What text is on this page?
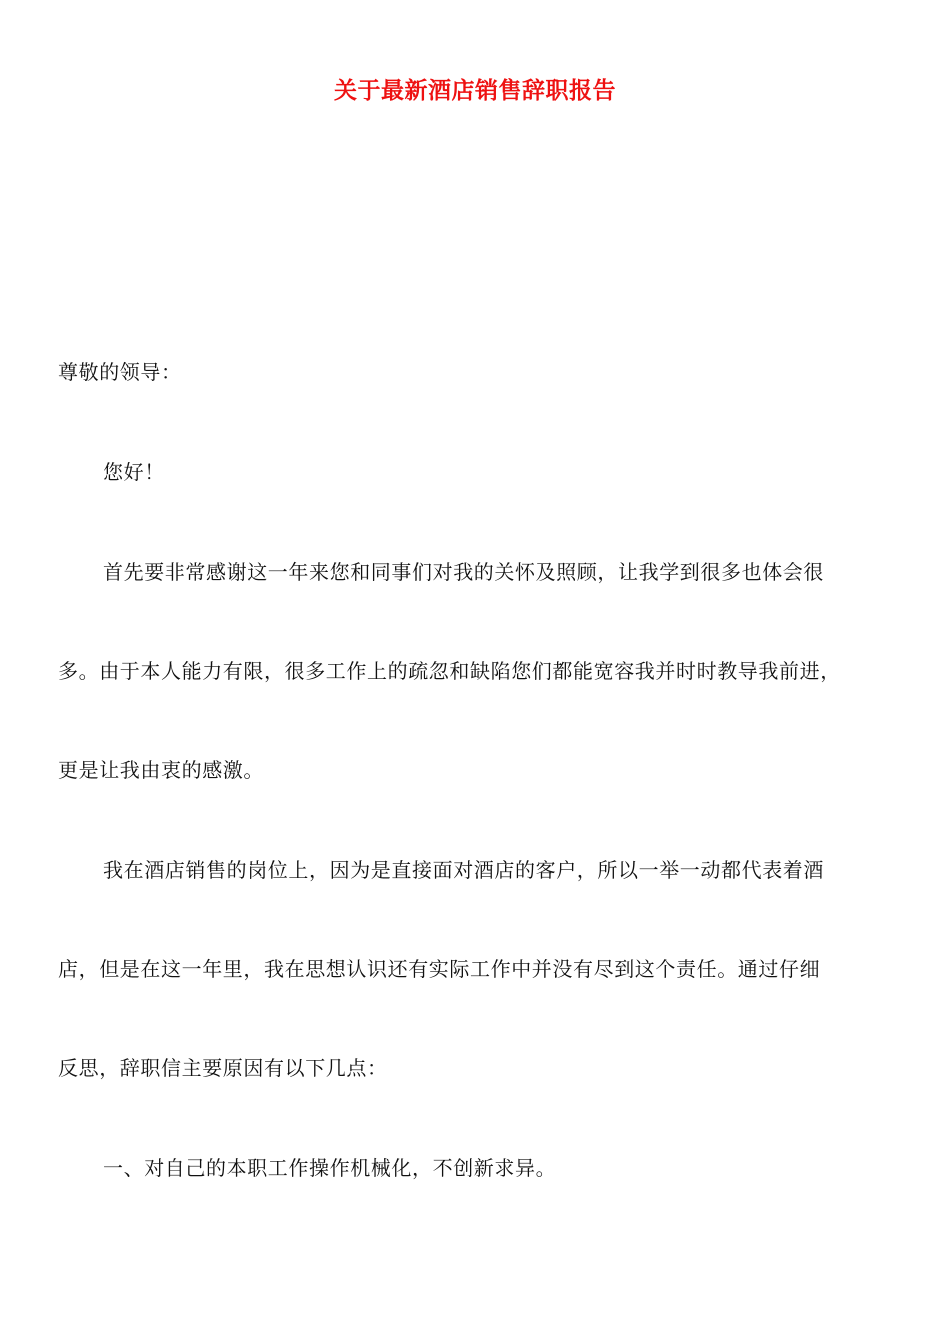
关于最新酒店销售辞职报告

尊敬的领导：

您好！

首先要非常感谢这一年来您和同事们对我的关怀及照顾，让我学到很多也体会很

多。由于本人能力有限，很多工作上的疏忽和缺陷您们都能宽容我并时时教导我前进，

更是让我由衷的感激。

我在酒店销售的岗位上，因为是直接面对酒店的客户，所以一举一动都代表着酒

店，但是在这一年里，我在思想认识还有实际工作中并没有尽到这个责任。通过仔细

反思，辞职信主要原因有以下几点：

一、对自己的本职工作操作机械化，不创新求异。
